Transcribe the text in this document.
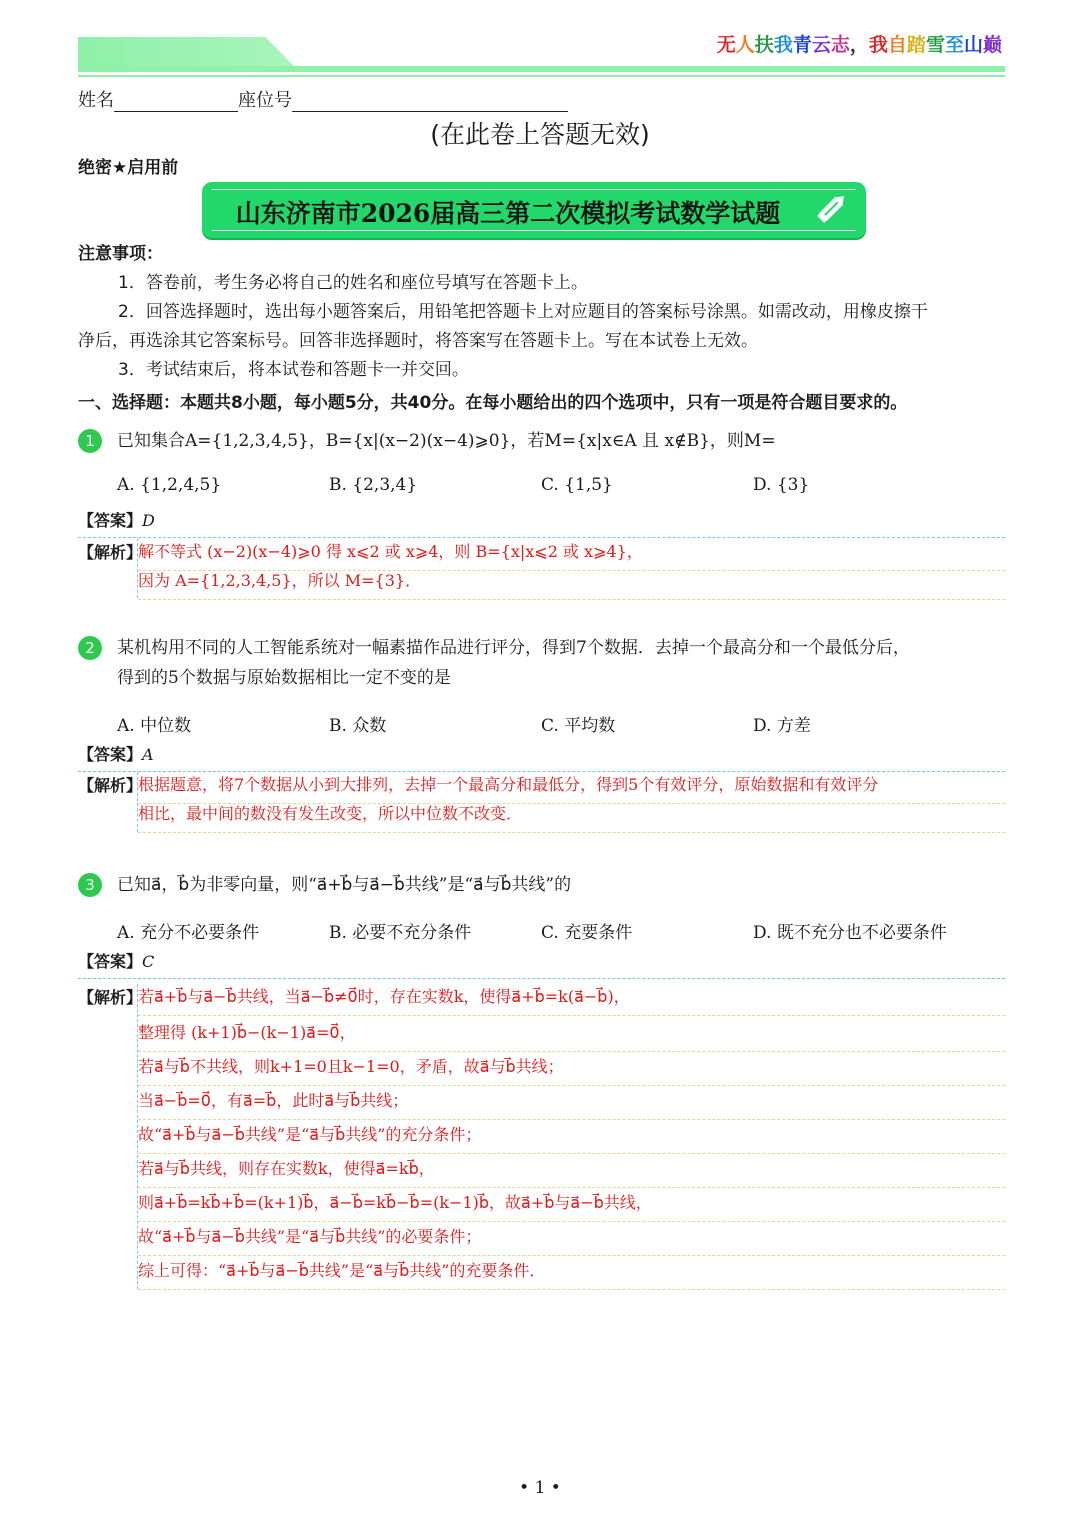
无人扶我青云志，我自踏雪至山巅
姓名	座位号
(在此卷上答题无效)
绝密★启用前
山东济南市2026届高三第二次模拟考试数学试题

注意事项：

1．答卷前，考生务必将自己的姓名和座位号填写在答题卡上。

2．回答选择题时，选出每小题答案后，用铅笔把答题卡上对应题目的答案标号涂黑。如需改动，用橡皮擦干

净后，再选涂其它答案标号。回答非选择题时，将答案写在答题卡上。写在本试卷上无效。

3．考试结束后，将本试卷和答题卡一并交回。

一、选择题：本题共8小题，每小题5分，共40分。在每小题给出的四个选项中，只有一项是符合题目要求的。
1	已知集合A={1,2,3,4,5}，B={x|(x−2)(x−4)⩾0}，若M={x|x∈A 且 x∉B}，则M=
A. {1,2,4,5}	B. {2,3,4}	C. {1,5}	D. {3}
【答案】D
【解析】
解不等式 (x−2)(x−4)⩾0 得 x⩽2 或 x⩾4，则 B={x|x⩽2 或 x⩾4}，
因为 A={1,2,3,4,5}，所以 M={3}．
2	某机构用不同的人工智能系统对一幅素描作品进行评分，得到7个数据．去掉一个最高分和一个最低分后，
得到的5个数据与原始数据相比一定不变的是
A. 中位数	B. 众数	C. 平均数	D. 方差
【答案】A
【解析】
根据题意，将7个数据从小到大排列，去掉一个最高分和最低分，得到5个有效评分，原始数据和有效评分
相比，最中间的数没有发生改变，所以中位数不改变．
3	已知a⃗，b⃗为非零向量，则“a⃗+b⃗与a⃗−b⃗共线”是“a⃗与b⃗共线”的
A. 充分不必要条件	B. 必要不充分条件	C. 充要条件	D. 既不充分也不必要条件
【答案】C
【解析】
若a⃗+b⃗与a⃗−b⃗共线，当a⃗−b⃗≠0⃗时，存在实数k，使得a⃗+b⃗=k(a⃗−b⃗)，
整理得 (k+1)b⃗−(k−1)a⃗=0⃗，
若a⃗与b⃗不共线，则k+1=0且k−1=0，矛盾，故a⃗与b⃗共线；
当a⃗−b⃗=0⃗，有a⃗=b⃗，此时a⃗与b⃗共线；
故“a⃗+b⃗与a⃗−b⃗共线”是“a⃗与b⃗共线”的充分条件；
若a⃗与b⃗共线，则存在实数k，使得a⃗=kb⃗，
则a⃗+b⃗=kb⃗+b⃗=(k+1)b⃗，a⃗−b⃗=kb⃗−b⃗=(k−1)b⃗，故a⃗+b⃗与a⃗−b⃗共线，
故“a⃗+b⃗与a⃗−b⃗共线”是“a⃗与b⃗共线”的必要条件；
综上可得：“a⃗+b⃗与a⃗−b⃗共线”是“a⃗与b⃗共线”的充要条件．
• 1 •
